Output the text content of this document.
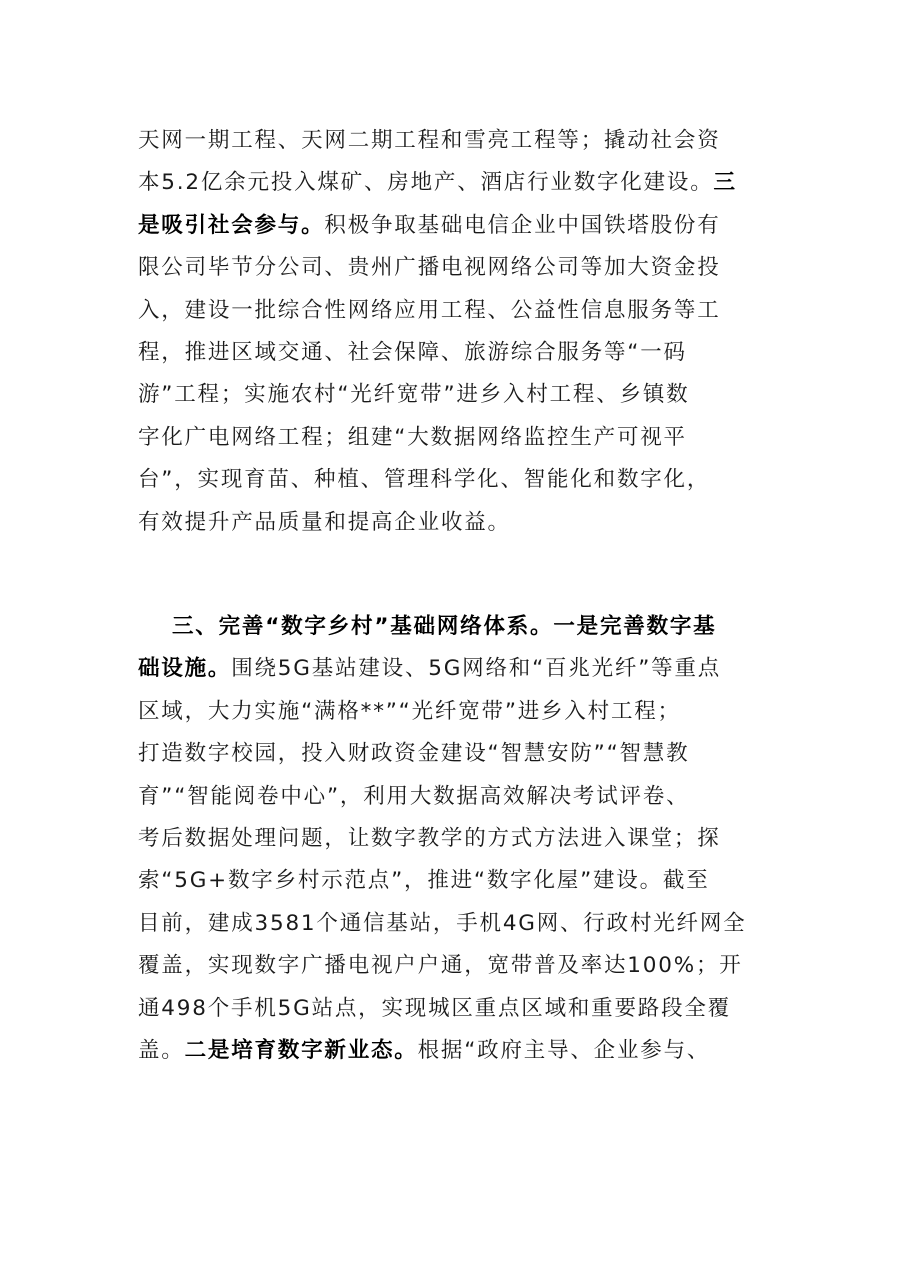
天网一期工程、天网二期工程和雪亮工程等；撬动社会资
本5.2亿余元投入煤矿、房地产、酒店行业数字化建设。三
是吸引社会参与。积极争取基础电信企业中国铁塔股份有
限公司毕节分公司、贵州广播电视网络公司等加大资金投
入，建设一批综合性网络应用工程、公益性信息服务等工
程，推进区域交通、社会保障、旅游综合服务等“一码
游”工程；实施农村“光纤宽带”进乡入村工程、乡镇数
字化广电网络工程；组建“大数据网络监控生产可视平
台”，实现育苗、种植、管理科学化、智能化和数字化，
有效提升产品质量和提高企业收益。
三、完善“数字乡村”基础网络体系。一是完善数字基
础设施。围绕5G基站建设、5G网络和“百兆光纤”等重点
区域，大力实施“满格**”“光纤宽带”进乡入村工程；
打造数字校园，投入财政资金建设“智慧安防”“智慧教
育”“智能阅卷中心”，利用大数据高效解决考试评卷、
考后数据处理问题，让数字教学的方式方法进入课堂；探
索“5G+数字乡村示范点”，推进“数字化屋”建设。截至
目前，建成3581个通信基站，手机4G网、行政村光纤网全
覆盖，实现数字广播电视户户通，宽带普及率达100%；开
通498个手机5G站点，实现城区重点区域和重要路段全覆
盖。二是培育数字新业态。根据“政府主导、企业参与、
